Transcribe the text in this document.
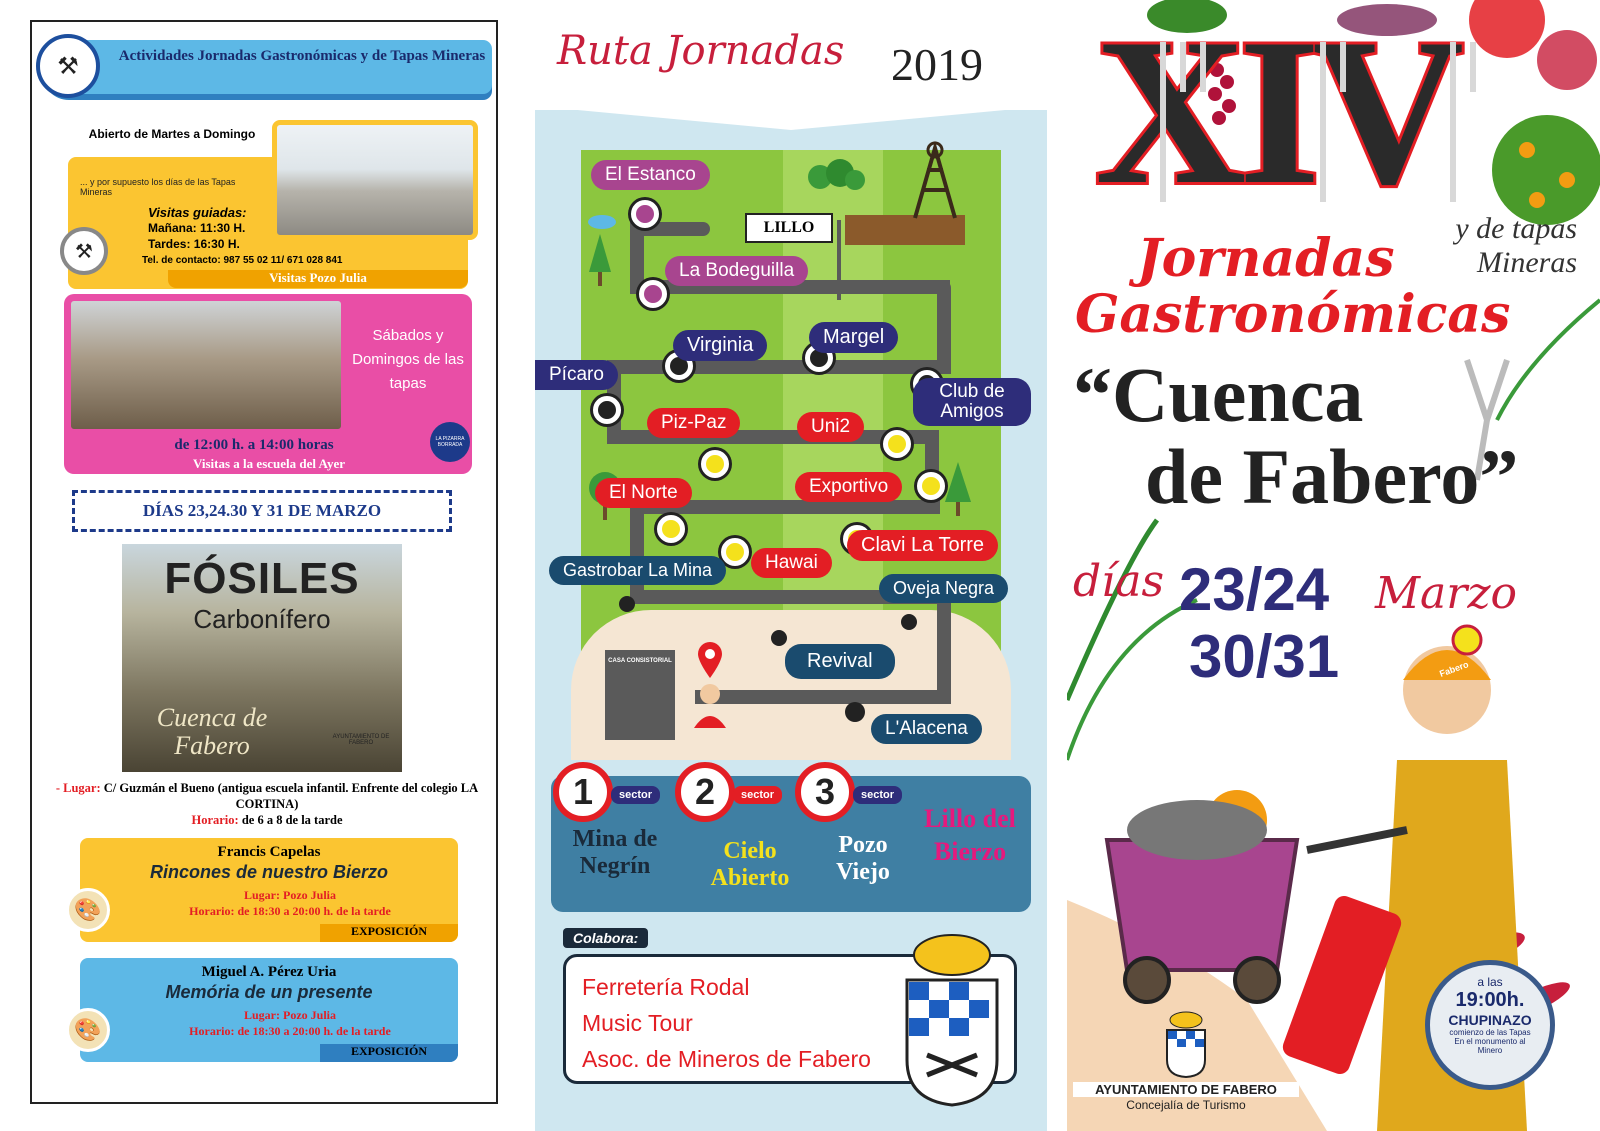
⚒	Actividades Jornadas Gastronómicas y de Tapas Mineras
Abierto de Martes a Domingo
... y por supuesto los días de las Tapas Mineras
Visitas guiadas:
Mañana: 11:30 H.
Tardes: 16:30 H.
Tel. de contacto: 987 55 02 11/ 671 028 841
Visitas Pozo Julia
⚒
Sábados y Domingos de las tapas
de 12:00 h. a 14:00 horas
Visitas a la escuela del Ayer
LA PIZARRA BORRADA
DÍAS 23,24.30 Y 31 DE MARZO
FÓSILES
Carbonífero
Cuenca de Fabero	AYUNTAMIENTO DE FABERO
- Lugar: C/ Guzmán el Bueno (antigua escuela infantil. Enfrente del colegio LA CORTINA)
Horario: de 6 a 8 de la tarde
Francis Capelas
Rincones de nuestro Bierzo
Lugar: Pozo Julia
Horario: de 18:30 a 20:00 h. de la tarde
EXPOSICIÓN
🎨
Miguel A. Pérez Uria
Memória de un presente
Lugar: Pozo Julia
Horario: de 18:30 a 20:00 h. de la tarde
EXPOSICIÓN
🎨
Ruta Jornadas 2019
LILLO
CASA CONSISTORIAL
El Estanco
La Bodeguilla
Virginia	Margel
Pícaro
Club de Amigos
Piz-Paz	Uni2
Exportivo
El Norte
Clavi La Torre
Hawai
Gastrobar La Mina
Oveja Negra
Revival
L'Alacena
1	sector	2	sector	3	sector
Mina de Negrín
Cielo Abierto
Pozo Viejo
Lillo del Bierzo
Colabora:
Ferretería Rodal
Music Tour
Asoc. de Mineros de Fabero
XIV
y de tapas Mineras
Jornadas
Gastronómicas
“Cuenca
de Fabero”
días 23/24 Marzo
30/31	Fabero
a las
19:00h.
CHUPINAZO
comienzo de las Tapas En el monumento al Minero
AYUNTAMIENTO DE FABERO
Concejalía de Turismo
